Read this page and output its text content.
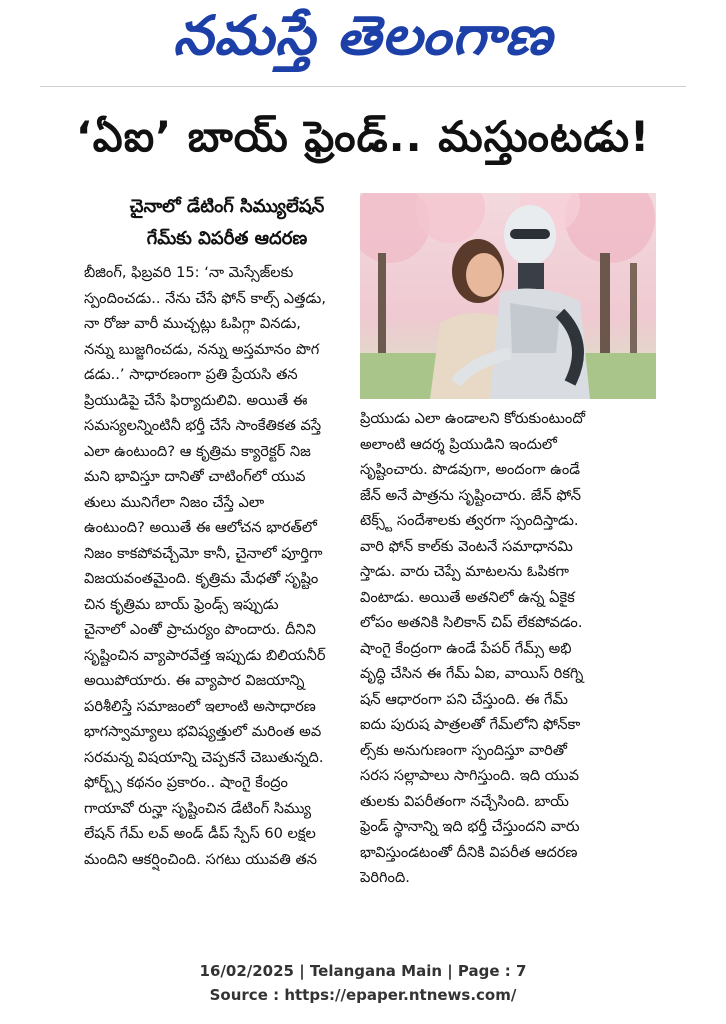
నమస్తే తెలంగాణ
‘ఏఐ’ బాయ్ ఫ్రెండ్.. మస్తుంటడు!
చైనాలో డేటింగ్ సిమ్యులేషన్
గేమ్‌కు విపరీత ఆదరణ
బీజింగ్, ఫిబ్రవరి 15: ‘నా మెస్సేజ్‌లకు
స్పందించడు.. నేను చేసే ఫోన్ కాల్స్ ఎత్తడు,
నా రోజు వారీ ముచ్చట్లు ఓపిగ్గా వినడు,
నన్ను బుజ్జగించడు, నన్ను అస్తమానం పొగ
డడు..’ సాధారణంగా ప్రతి ప్రేయసి తన
ప్రియుడిపై చేసే ఫిర్యాదులివి. అయితే ఈ
సమస్యలన్నింటినీ భర్తీ చేసే సాంకేతికత వస్తే
ఎలా ఉంటుంది? ఆ కృత్రిమ క్యారెక్టర్ నిజ
మని భావిస్తూ దానితో చాటింగ్‌లో యువ
తులు మునిగేలా నిజం చేస్తే ఎలా
ఉంటుంది? అయితే ఈ ఆలోచన భారత్‌లో
నిజం కాకపోవచ్చేమో కానీ, చైనాలో పూర్తిగా
విజయవంతమైంది. కృత్రిమ మేధతో సృష్టిం
చిన కృత్రిమ బాయ్ ఫ్రెండ్స్ ఇప్పుడు
చైనాలో ఎంతో ప్రాచుర్యం పొందారు. దీనిని
సృష్టించిన వ్యాపారవేత్త ఇప్పుడు బిలియనీర్
అయిపోయారు. ఈ వ్యాపార విజయాన్ని
పరిశీలిస్తే సమాజంలో ఇలాంటి అసాధారణ
భాగస్వామ్యాలు భవిష్యత్తులో మరింత అవ
సరమన్న విషయాన్ని చెప్పకనే చెబుతున్నది.
ఫోర్బ్స్ కథనం ప్రకారం.. షాంగై కేంద్రం
గాయావో రున్హా సృష్టించిన డేటింగ్ సిమ్యు
లేషన్ గేమ్ లవ్ అండ్ డీప్ స్పేస్ 60 లక్షల
మందిని ఆకర్షించింది. సగటు యువతి తన
ప్రియుడు ఎలా ఉండాలని కోరుకుంటుందో
అలాంటి ఆదర్శ ప్రియుడిని ఇందులో
సృష్టించారు. పొడవుగా, అందంగా ఉండే
జేన్ అనే పాత్రను సృష్టించారు. జేన్ ఫోన్
టెక్స్ట్ సందేశాలకు త్వరగా స్పందిస్తాడు.
వారి ఫోన్ కాల్‌కు వెంటనే సమాధానమి
స్తాడు. వారు చెప్పే మాటలను ఓపికగా
వింటాడు. అయితే అతనిలో ఉన్న ఏకైక
లోపం అతనికి సిలికాన్ చిప్ లేకపోవడం.
షాంగై కేంద్రంగా ఉండే పేపర్ గేమ్స్ అభి
వృద్ధి చేసిన ఈ గేమ్ ఏఐ, వాయిస్ రికగ్ని
షన్ ఆధారంగా పని చేస్తుంది. ఈ గేమ్
ఐదు పురుష పాత్రలతో గేమ్‌లోని ఫోన్‌కా
ల్స్‌కు అనుగుణంగా స్పందిస్తూ వారితో
సరస సల్లాపాలు సాగిస్తుంది. ఇది యువ
తులకు విపరీతంగా నచ్చేసింది. బాయ్
ఫ్రెండ్ స్థానాన్ని ఇది భర్తీ చేస్తుందని వారు
భావిస్తుండటంతో దీనికి విపరీత ఆదరణ
పెరిగింది.
16/02/2025 | Telangana Main | Page : 7
Source : https://epaper.ntnews.com/
